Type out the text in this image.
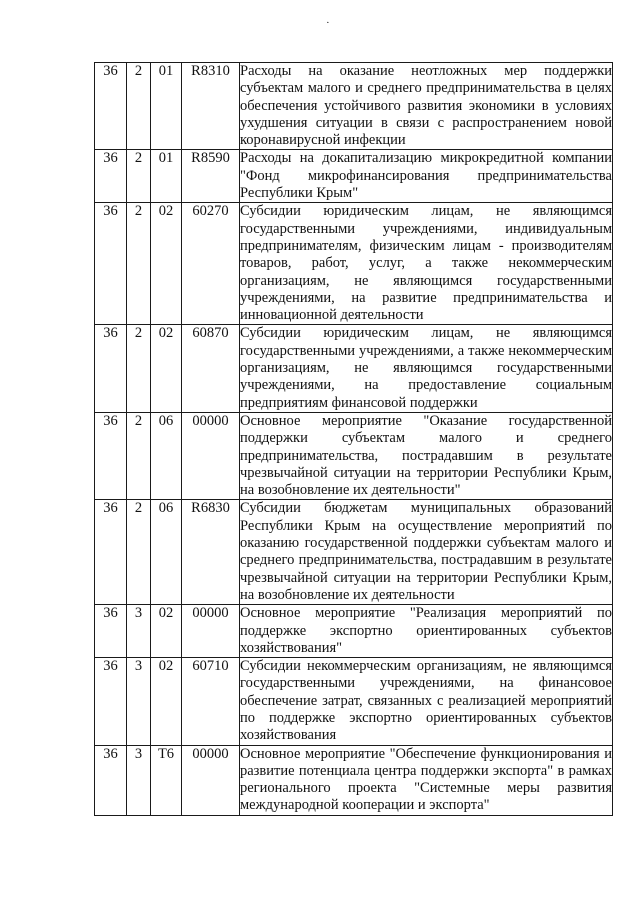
·
36	2	01	R8310	Расходы на оказание неотложных мер поддержки субъектам малого и среднего предпринимательства в целях обеспечения устойчивого развития экономики в условиях ухудшения ситуации в связи с распространением новой коронавирусной инфекции
36	2	01	R8590	Расходы на докапитализацию микрокредитной компании "Фонд микрофинансирования предпринимательства Республики Крым"
36	2	02	60270	Субсидии юридическим лицам, не являющимся государственными учреждениями, индивидуальным предпринимателям, физическим лицам - производителям товаров, работ, услуг, а также некоммерческим организациям, не являющимся государственными учреждениями, на развитие предпринимательства и инновационной деятельности
36	2	02	60870	Субсидии юридическим лицам, не являющимся государственными учреждениями, а также некоммерческим организациям, не являющимся государственными учреждениями, на предоставление социальным предприятиям финансовой поддержки
36	2	06	00000	Основное мероприятие "Оказание государственной поддержки субъектам малого и среднего предпринимательства, пострадавшим в результате чрезвычайной ситуации на территории Республики Крым, на возобновление их деятельности"
36	2	06	R6830	Субсидии бюджетам муниципальных образований Республики Крым на осуществление мероприятий по оказанию государственной поддержки субъектам малого и среднего предпринимательства, пострадавшим в результате чрезвычайной ситуации на территории Республики Крым, на возобновление их деятельности
36	3	02	00000	Основное мероприятие "Реализация мероприятий по поддержке экспортно ориентированных субъектов хозяйствования"
36	3	02	60710	Субсидии некоммерческим организациям, не являющимся государственными учреждениями, на финансовое обеспечение затрат, связанных с реализацией мероприятий по поддержке экспортно ориентированных субъектов хозяйствования
36	3	Т6	00000	Основное мероприятие "Обеспечение функционирования и развитие потенциала центра поддержки экспорта" в рамках регионального проекта "Системные меры развития международной кооперации и экспорта"
